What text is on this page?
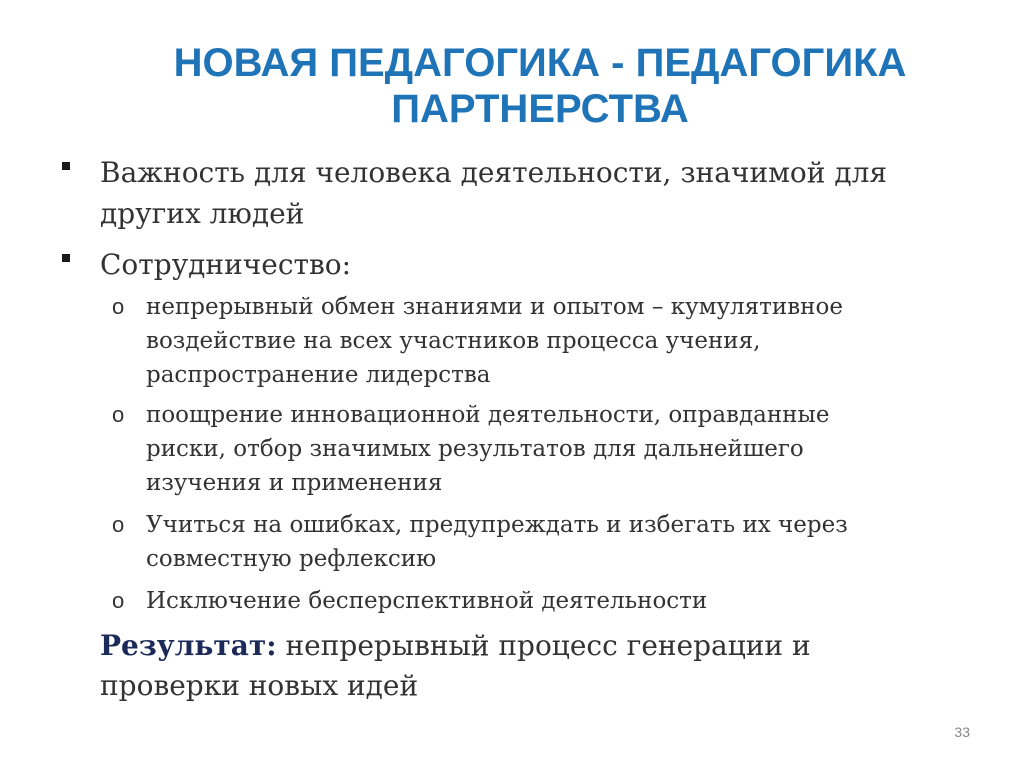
НОВАЯ ПЕДАГОГИКА - ПЕДАГОГИКА
ПАРТНЕРСТВА
Важность для человека деятельности, значимой для других людей
Сотрудничество:
o непрерывный обмен знаниями и опытом – кумулятивное воздействие на всех участников процесса учения, распространение лидерства
o поощрение инновационной деятельности, оправданные риски, отбор значимых результатов для дальнейшего изучения и применения
o Учиться на ошибках, предупреждать и избегать их через совместную рефлексию
o Исключение бесперспективной деятельности
Результат: непрерывный процесс генерации и проверки новых идей
33
